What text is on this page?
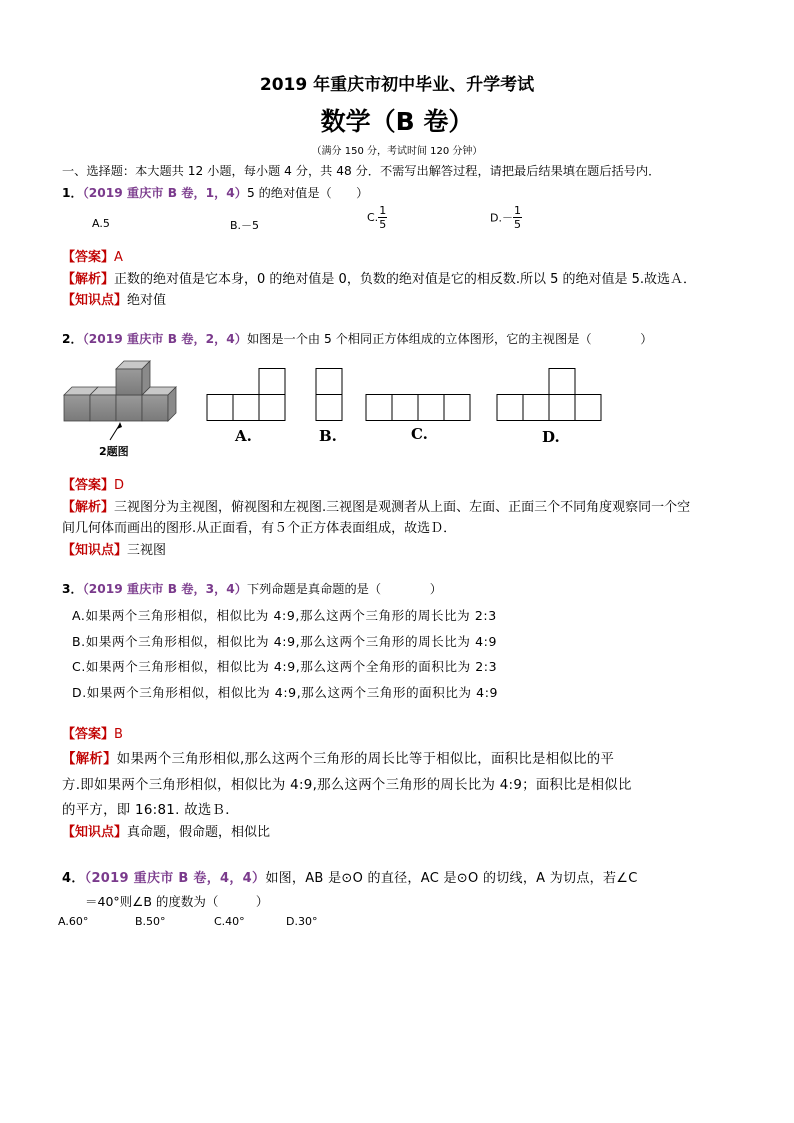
2019 年重庆市初中毕业、升学考试
数学（B 卷）
（满分 150 分，考试时间 120 分钟）
一、选择题：本大题共 12 小题，每小题 4 分，共 48 分．不需写出解答过程，请把最后结果填在题后括号内．
1．（2019 重庆市 B 卷，1，4）5 的绝对值是（　　）
A.5	B.－5
C. $\frac{1}{5}$	$D.- \frac{1}{5}$
【答案】A
【解析】正数的绝对值是它本身，0 的绝对值是 0，负数的绝对值是它的相反数.所以 5 的绝对值是 5.故选Ａ．
【知识点】绝对值
2．（2019 重庆市 B 卷，2，4）如图是一个由 5 个相同正方体组成的立体图形，它的主视图是（　　　　）
2题图
A.	B.	C.	D.
【答案】D
【解析】三视图分为主视图，俯视图和左视图.三视图是观测者从上面、左面、正面三个不同角度观察同一个空
间几何体而画出的图形.从正面看，有５个正方体表面组成，故选Ｄ．
【知识点】三视图
3．（2019 重庆市 B 卷，3，4）下列命题是真命题的是（　　　　）
A.如果两个三角形相似，相似比为 4:9,那么这两个三角形的周长比为 2:3
B.如果两个三角形相似，相似比为 4:9,那么这两个三角形的周长比为 4:9
C.如果两个三角形相似，相似比为 4:9,那么这两个全角形的面积比为 2:3
D.如果两个三角形相似，相似比为 4:9,那么这两个三角形的面积比为 4:9
【答案】B
【解析】如果两个三角形相似,那么这两个三角形的周长比等于相似比，面积比是相似比的平
方.即如果两个三角形相似，相似比为 4:9,那么这两个三角形的周长比为 4:9；面积比是相似比
的平方，即 16:81. 故选Ｂ．
【知识点】真命题，假命题，相似比
4．（2019 重庆市 B 卷，4，4）如图，AB 是⊙O 的直径，AC 是⊙O 的切线，A 为切点，若∠C
＝40°则∠B 的度数为（　　　）
A.60°	B.50°	C.40°	D.30°
